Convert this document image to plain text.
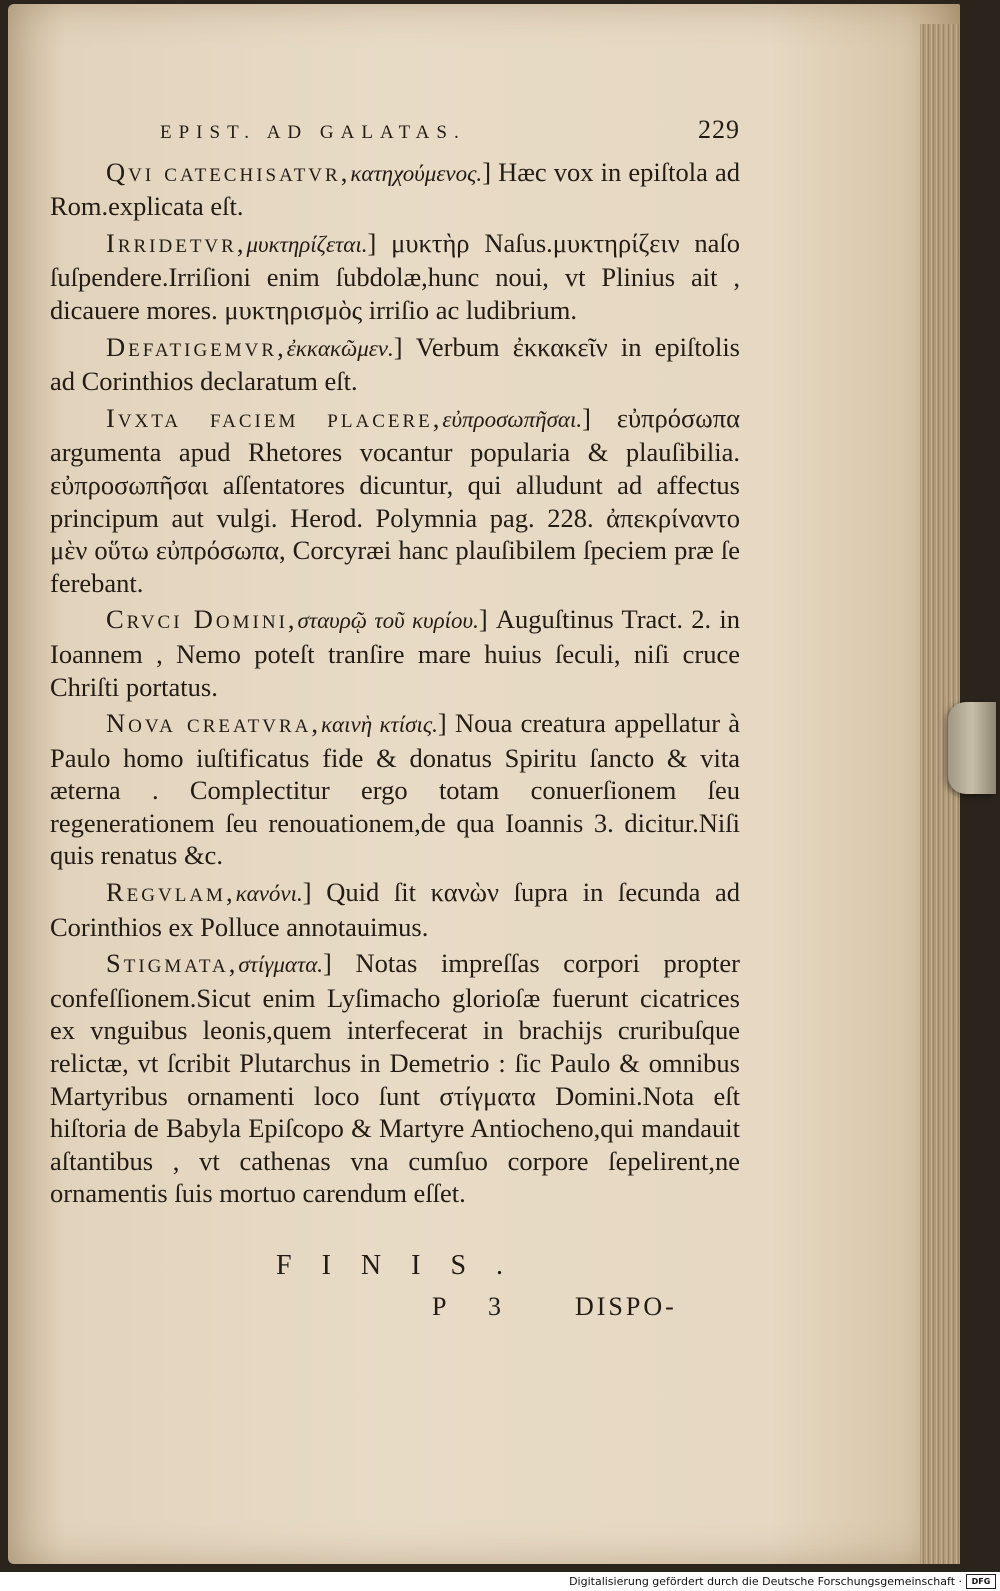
EPIST. AD GALATAS.	229

Qvi catechisatvr,κατηχούμενος.] Hæc vox in epiſtola ad Rom.explicata eſt.

Irridetvr,μυκτηρίζεται.] μυκτὴρ Naſus.μυκτηρίζειν naſo ſuſpendere.Irriſioni enim ſubdolæ,hunc noui, vt Plinius ait , dicauere mores. μυκτηρισμὸς irriſio ac ludibrium.

Defatigemvr,ἐκκακῶμεν.] Verbum ἐκκακεῖν in epiſtolis ad Corinthios declaratum eſt.

Ivxta faciem placere,εὐπροσωπῆσαι.] εὐπρόσωπα argumenta apud Rhetores vocantur popularia & plauſibilia. εὐπροσωπῆσαι aſſentatores dicuntur, qui alludunt ad affectus principum aut vulgi. Herod. Polymnia pag. 228. ἀπεκρίναντο μὲν οὕτω εὐπρόσωπα, Corcyræi hanc plauſibilem ſpeciem præ ſe ferebant.

Crvci Domini,σταυρῷ τοῦ κυρίου.] Auguſtinus Tract. 2. in Ioannem , Nemo poteſt tranſire mare huius ſeculi, niſi cruce Chriſti portatus.

Nova creatvra,καινὴ κτίσις.] Noua creatura appellatur à Paulo homo iuſtificatus fide & donatus Spiritu ſancto & vita æterna . Complectitur ergo totam conuerſionem ſeu regenerationem ſeu renouationem,de qua Ioannis 3. dicitur.Niſi quis renatus &c.

Regvlam,κανόνι.] Quid ſit κανὼν ſupra in ſecunda ad Corinthios ex Polluce annotauimus.

Stigmata,στίγματα.] Notas impreſſas corpori propter confeſſionem.Sicut enim Lyſimacho glorioſæ fuerunt cicatrices ex vnguibus leonis,quem interfecerat in brachijs cruribuſque relictæ, vt ſcribit Plutarchus in Demetrio : ſic Paulo & omnibus Martyribus ornamenti loco ſunt στίγματα Domini.Nota eſt hiſtoria de Babyla Epiſcopo & Martyre Antiocheno,qui mandauit aſtantibus , vt cathenas vna cumſuo corpore ſepelirent,ne ornamentis ſuis mortuo carendum eſſet.

FINIS.
P 3 DISPO-
Digitalisierung gefördert durch die Deutsche Forschungsgemeinschaft ·	DFG
